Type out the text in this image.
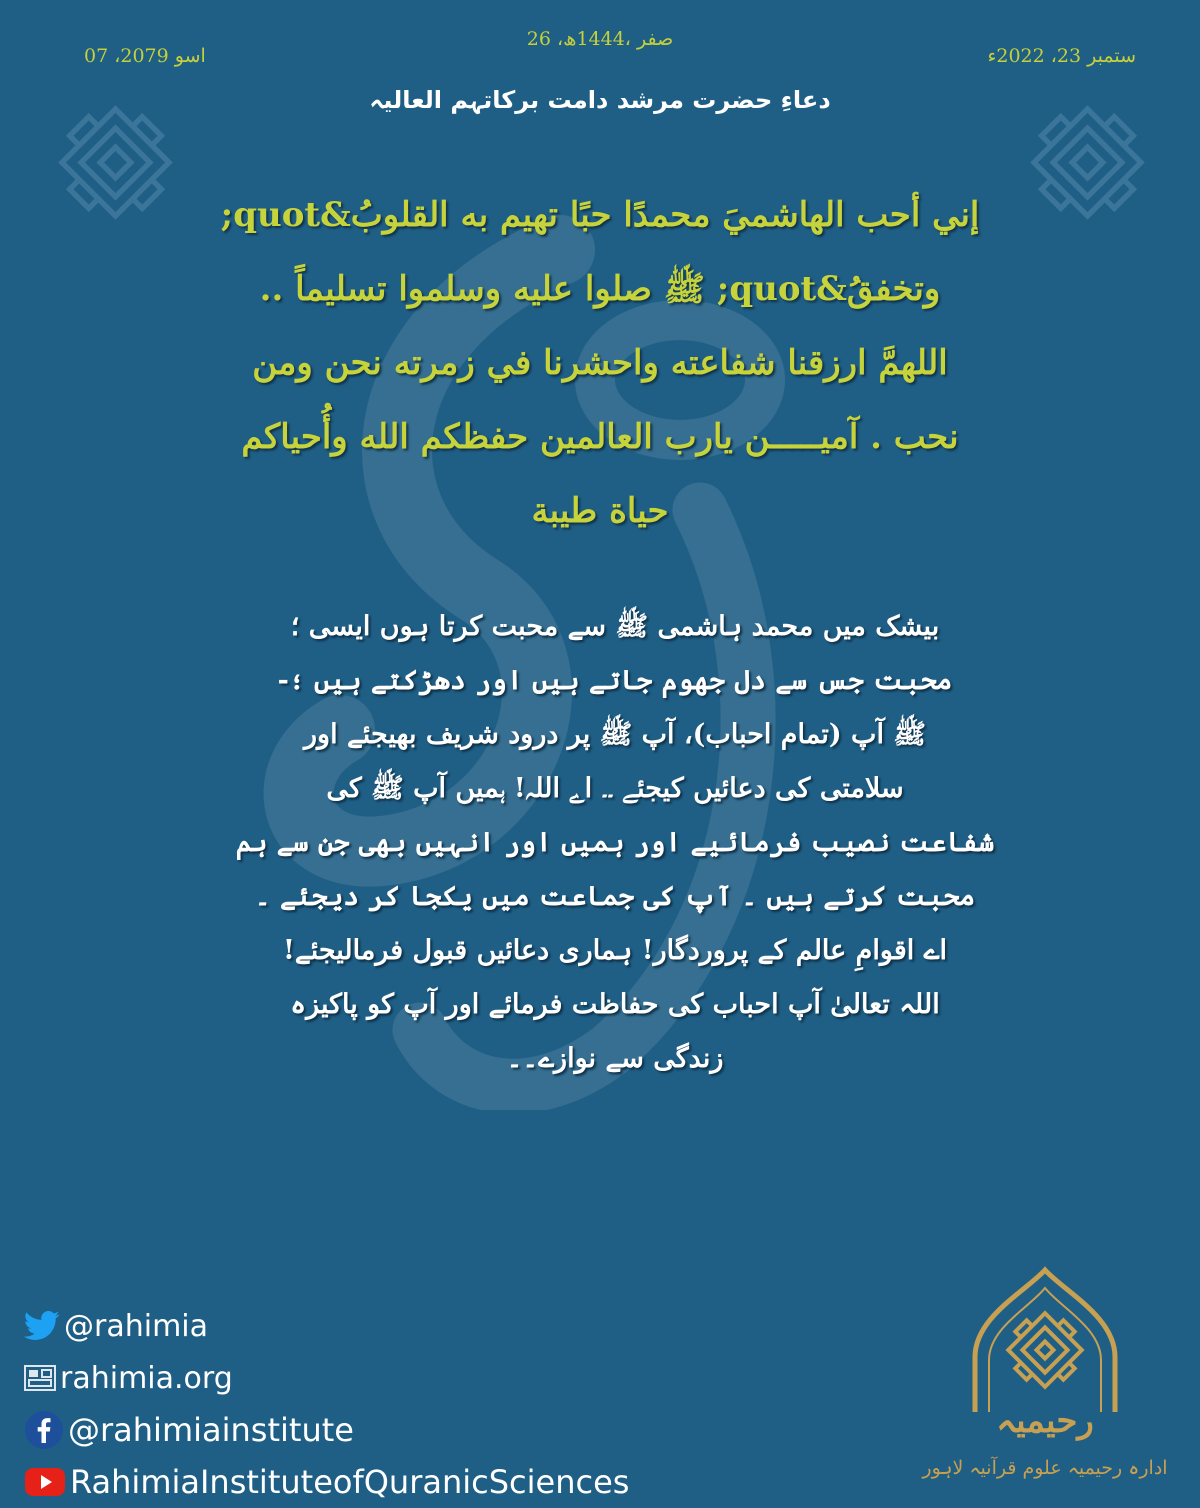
26 ،صفر ،1444ھ
07 ،اسو 2079	ستمبر 23، 2022ء
دعاءِ حضرت مرشد دامت برکاتہم العالیہ
إني أحب الهاشميَ محمدًا حبًا تهيم به القلوبُ&quot;
وتخفقُ&quot; ﷺ صلوا عليه وسلموا تسليماً ..
اللهمَّ ارزقنا شفاعته واحشرنا في زمرته نحن ومن
نحب . آميـــــن يارب العالمين حفظكم الله وأُحياكم
حياة طيبة
بیشک میں محمد ہاشمی ﷺ سے محبت کرتا ہوں ایسی ؛
محبت جس سے دل جھوم جاتے ہیں اور دھڑکتے ہیں ؛-
ﷺ آپ (تمام احباب)، آپ ﷺ پر درود شریف بھیجئے اور
سلامتی کی دعائیں کیجئے ۔۔ اے اللہ! ہمیں آپ ﷺ کی
شفاعت نصیب فرمائیے اور ہمیں اور انہیں بھی جن سے ہم
محبت کرتے ہیں ۔ آپ کی جماعت میں یکجا کر دیجئے ۔
اے اقوامِ عالم کے پروردگار! ہماری دعائیں قبول فرمالیجئے!
اللہ تعالیٰ آپ احباب کی حفاظت فرمائے اور آپ کو پاکیزہ
زندگی سے نوازے۔۔
@rahimia
rahimia.org
@rahimiainstitute
RahimiaInstituteofQuranicSciences
رحیمیہ
ادارہ رحیمیہ علوم قرآنیہ لاہور
